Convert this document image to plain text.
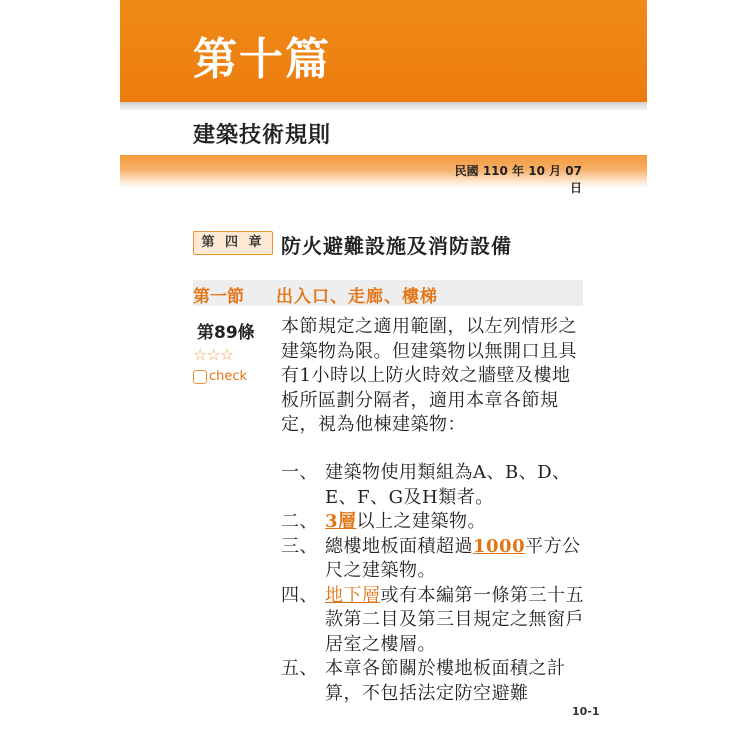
第十篇
建築技術規則
民國 110 年 10 月 07 日
第 四 章 防火避難設施及消防設備
第一節 出入口、走廊、樓梯
第89條
☆☆☆
check
本節規定之適用範圍，以左列情形之建築物為限。但建築物以無開口且具有1小時以上防火時效之牆壁及樓地板所區劃分隔者，適用本章各節規定，視為他棟建築物：
一、 建築物使用類組為A、B、D、E、F、G及H類者。
二、 3層以上之建築物。
三、 總樓地板面積超過1000平方公尺之建築物。
四、 地下層或有本編第一條第三十五款第二目及第三目規定之無窗戶居室之樓層。
五、 本章各節關於樓地板面積之計算，不包括法定防空避難
10-1
